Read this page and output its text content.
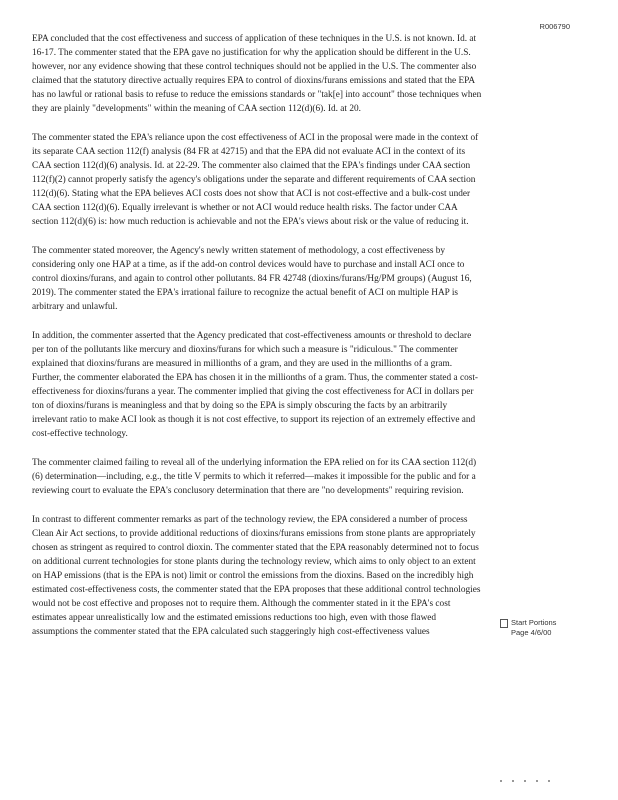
R006790

EPA concluded that the cost effectiveness and success of application of these techniques in the U.S. is not known. Id. at 16-17. The commenter stated that the EPA gave no justification for why the application should be different in the U.S. however, nor any evidence showing that these control techniques should not be applied in the U.S. The commenter also claimed that the statutory directive actually requires EPA to control of dioxins/furans emissions and stated that the EPA has no lawful or rational basis to refuse to reduce the emissions standards or "tak[e] into account" those techniques when they are plainly "developments" within the meaning of CAA section 112(d)(6). Id. at 20.

The commenter stated the EPA's reliance upon the cost effectiveness of ACI in the proposal were made in the context of its separate CAA section 112(f) analysis (84 FR at 42715) and that the EPA did not evaluate ACI in the context of its CAA section 112(d)(6) analysis. Id. at 22-29. The commenter also claimed that the EPA's findings under CAA section 112(f)(2) cannot properly satisfy the agency's obligations under the separate and different requirements of CAA section 112(d)(6). Stating what the EPA believes ACI costs does not show that ACI is not cost-effective and a bulk-cost under CAA section 112(d)(6). Equally irrelevant is whether or not ACI would reduce health risks. The factor under CAA section 112(d)(6) is: how much reduction is achievable and not the EPA's views about risk or the value of reducing it.

The commenter stated moreover, the Agency's newly written statement of methodology, a cost effectiveness by considering only one HAP at a time, as if the add-on control devices would have to purchase and install ACI once to control dioxins/furans, and again to control other pollutants. 84 FR 42748 (dioxins/furans/Hg/PM groups) (August 16, 2019). The commenter stated the EPA's irrational failure to recognize the actual benefit of ACI on multiple HAP is arbitrary and unlawful.

In addition, the commenter asserted that the Agency predicated that cost-effectiveness amounts or threshold to declare per ton of the pollutants like mercury and dioxins/furans for which such a measure is "ridiculous." The commenter explained that dioxins/furans are measured in millionths of a gram, and they are used in the millionths of a gram. Further, the commenter elaborated the EPA has chosen it in the millionths of a gram. Thus, the commenter stated a cost-effectiveness for dioxins/furans a year. The commenter implied that giving the cost effectiveness for ACI in dollars per ton of dioxins/furans is meaningless and that by doing so the EPA is simply obscuring the facts by an arbitrarily irrelevant ratio to make ACI look as though it is not cost effective, to support its rejection of an extremely effective and cost-effective technology.

The commenter claimed failing to reveal all of the underlying information the EPA relied on for its CAA section 112(d)(6) determination—including, e.g., the title V permits to which it referred—makes it impossible for the public and for a reviewing court to evaluate the EPA's conclusory determination that there are "no developments" requiring revision.

In contrast to different commenter remarks as part of the technology review, the EPA considered a number of process Clean Air Act sections, to provide additional reductions of dioxins/furans emissions from stone plants are appropriately chosen as stringent as required to control dioxin. The commenter stated that the EPA reasonably determined not to focus on additional current technologies for stone plants during the technology review, which aims to only object to an extent on HAP emissions (that is the EPA is not) limit or control the emissions from the dioxins. Based on the incredibly high estimated cost-effectiveness costs, the commenter stated that the EPA proposes that these additional control technologies would not be cost effective and proposes not to require them. Although the commenter stated in it the EPA's cost estimates appear unrealistically low and the estimated emissions reductions too high, even with those flawed assumptions the commenter stated that the EPA calculated such staggeringly high cost-effectiveness values

Start Portions
Page 4/6/00
